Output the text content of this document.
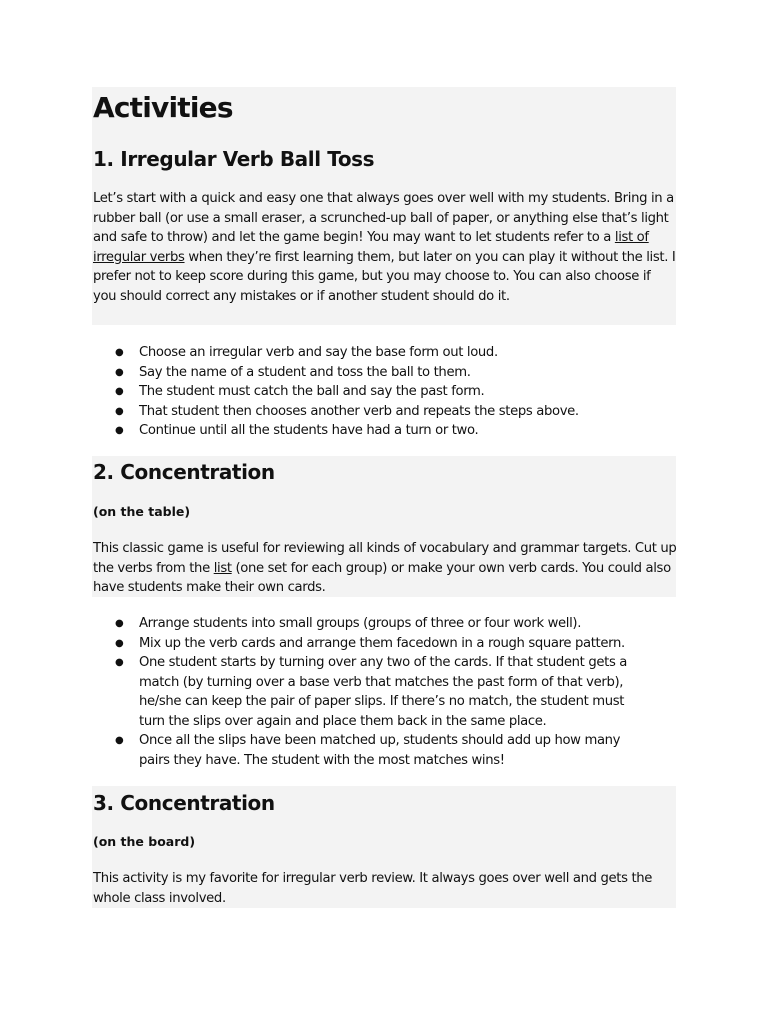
Activities
1. Irregular Verb Ball Toss

Let’s start with a quick and easy one that always goes over well with my students. Bring in a rubber ball (or use a small eraser, a scrunched-up ball of paper, or anything else that’s light and safe to throw) and let the game begin! You may want to let students refer to a list of irregular verbs when they’re first learning them, but later on you can play it without the list. I prefer not to keep score during this game, but you may choose to. You can also choose if you should correct any mistakes or if another student should do it.

● Choose an irregular verb and say the base form out loud.
● Say the name of a student and toss the ball to them.
● The student must catch the ball and say the past form.
● That student then chooses another verb and repeats the steps above.
● Continue until all the students have had a turn or two.
2. Concentration

(on the table)

This classic game is useful for reviewing all kinds of vocabulary and grammar targets. Cut up the verbs from the list (one set for each group) or make your own verb cards. You could also have students make their own cards.

● Arrange students into small groups (groups of three or four work well).
● Mix up the verb cards and arrange them facedown in a rough square pattern.
● One student starts by turning over any two of the cards. If that student gets a match (by turning over a base verb that matches the past form of that verb), he/she can keep the pair of paper slips. If there’s no match, the student must turn the slips over again and place them back in the same place.
● Once all the slips have been matched up, students should add up how many pairs they have. The student with the most matches wins!
3. Concentration

(on the board)

This activity is my favorite for irregular verb review. It always goes over well and gets the whole class involved.
